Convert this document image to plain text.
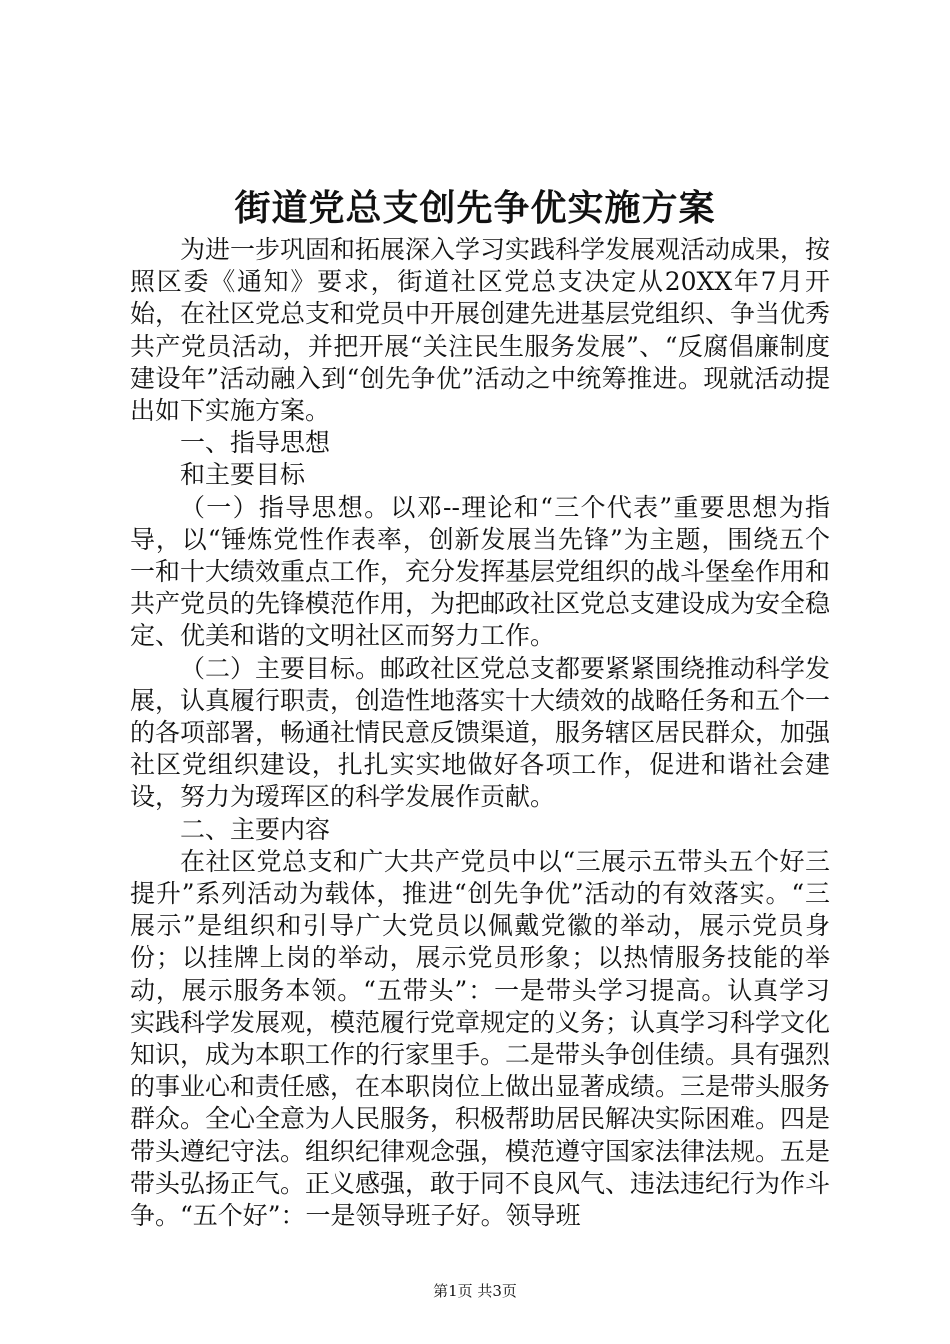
街道党总支创先争优实施方案

为进一步巩固和拓展深入学习实践科学发展观活动成果，按照区委《通知》要求，街道社区党总支决定从20XX年7月开始，在社区党总支和党员中开展创建先进基层党组织、争当优秀共产党员活动，并把开展“关注民生服务发展”、“反腐倡廉制度建设年”活动融入到“创先争优”活动之中统筹推进。现就活动提出如下实施方案。

一、指导思想

和主要目标

（一）指导思想。以邓--理论和“三个代表”重要思想为指导，以“锤炼党性作表率，创新发展当先锋”为主题，围绕五个一和十大绩效重点工作，充分发挥基层党组织的战斗堡垒作用和共产党员的先锋模范作用，为把邮政社区党总支建设成为安全稳定、优美和谐的文明社区而努力工作。

（二）主要目标。邮政社区党总支都要紧紧围绕推动科学发展，认真履行职责，创造性地落实十大绩效的战略任务和五个一的各项部署，畅通社情民意反馈渠道，服务辖区居民群众，加强社区党组织建设，扎扎实实地做好各项工作，促进和谐社会建设，努力为瑷珲区的科学发展作贡献。

二、主要内容

在社区党总支和广大共产党员中以“三展示五带头五个好三提升”系列活动为载体，推进“创先争优”活动的有效落实。“三展示”是组织和引导广大党员以佩戴党徽的举动，展示党员身份；以挂牌上岗的举动，展示党员形象；以热情服务技能的举动，展示服务本领。“五带头”：一是带头学习提高。认真学习实践科学发展观，模范履行党章规定的义务；认真学习科学文化知识，成为本职工作的行家里手。二是带头争创佳绩。具有强烈的事业心和责任感，在本职岗位上做出显著成绩。三是带头服务群众。全心全意为人民服务，积极帮助居民解决实际困难。四是带头遵纪守法。组织纪律观念强，模范遵守国家法律法规。五是带头弘扬正气。正义感强，敢于同不良风气、违法违纪行为作斗争。“五个好”：一是领导班子好。领导班

第1页 共3页
